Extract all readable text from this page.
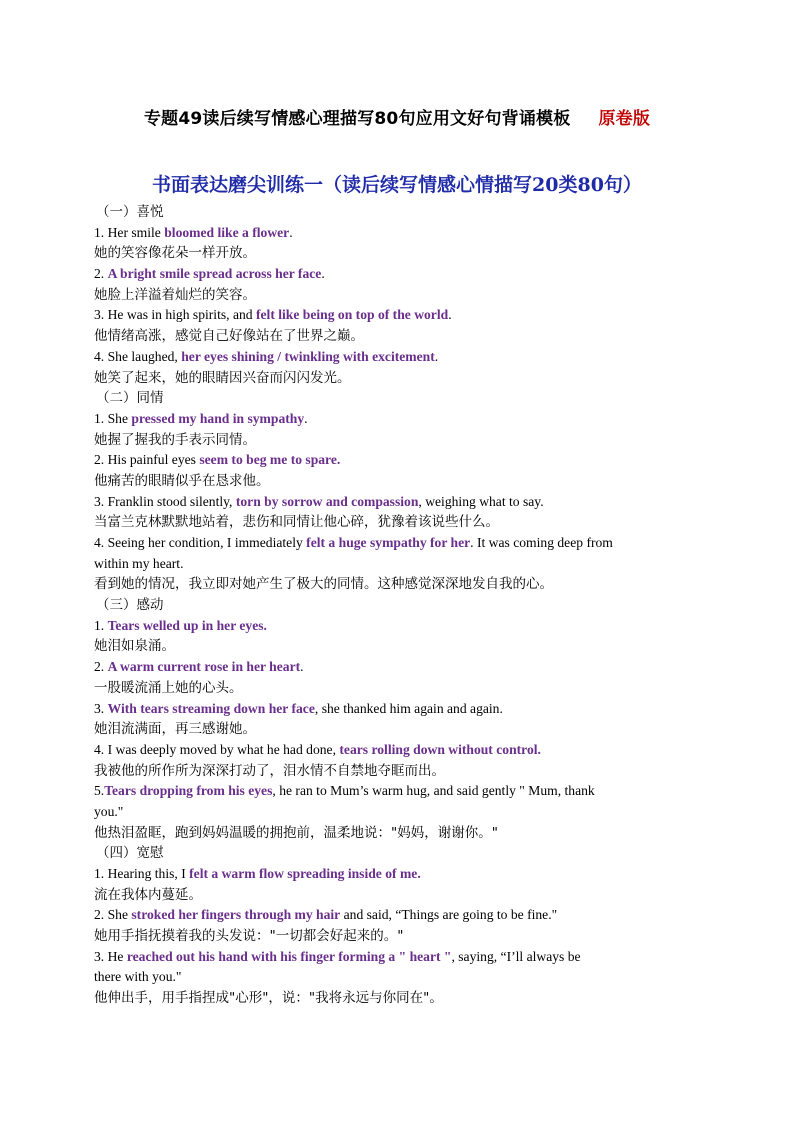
专题49读后续写情感心理描写80句应用文好句背诵模板 原卷版
书面表达磨尖训练一（读后续写情感心情描写20类80句）
（一）喜悦
1. Her smile bloomed like a flower.
她的笑容像花朵一样开放。
2. A bright smile spread across her face.
她脸上洋溢着灿烂的笑容。
3. He was in high spirits, and felt like being on top of the world.
他情绪高涨，感觉自己好像站在了世界之巅。
4. She laughed, her eyes shining / twinkling with excitement.
她笑了起来，她的眼睛因兴奋而闪闪发光。
（二）同情
1. She pressed my hand in sympathy.
她握了握我的手表示同情。
2. His painful eyes seem to beg me to spare.
他痛苦的眼睛似乎在恳求他。
3. Franklin stood silently, torn by sorrow and compassion, weighing what to say.
当富兰克林默默地站着，悲伤和同情让他心碎，犹豫着该说些什么。
4. Seeing her condition, I immediately felt a huge sympathy for her. It was coming deep from
within my heart.
看到她的情况，我立即对她产生了极大的同情。这种感觉深深地发自我的心。
（三）感动
1. Tears welled up in her eyes.
她泪如泉涌。
2. A warm current rose in her heart.
一股暖流涌上她的心头。
3. With tears streaming down her face, she thanked him again and again.
她泪流满面，再三感谢她。
4. I was deeply moved by what he had done, tears rolling down without control.
我被他的所作所为深深打动了，泪水情不自禁地夺眶而出。
5.Tears dropping from his eyes, he ran to Mum’s warm hug, and said gently " Mum, thank
you."
他热泪盈眶，跑到妈妈温暖的拥抱前，温柔地说："妈妈，谢谢你。"
（四）宽慰
1. Hearing this, I felt a warm flow spreading inside of me.
流在我体内蔓延。
2. She stroked her fingers through my hair and said, “Things are going to be fine."
她用手指抚摸着我的头发说："一切都会好起来的。"
3. He reached out his hand with his finger forming a " heart ", saying, “I’ll always be
there with you."
他伸出手，用手指捏成"心形"，说："我将永远与你同在"。
